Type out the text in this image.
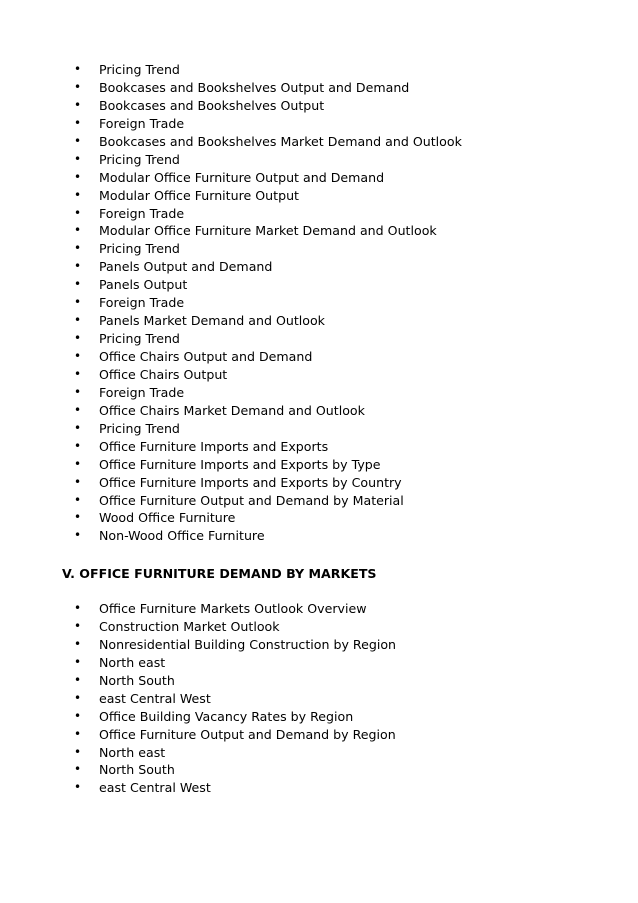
• Pricing Trend
• Bookcases and Bookshelves Output and Demand
• Bookcases and Bookshelves Output
• Foreign Trade
• Bookcases and Bookshelves Market Demand and Outlook
• Pricing Trend
• Modular Office Furniture Output and Demand
• Modular Office Furniture Output
• Foreign Trade
• Modular Office Furniture Market Demand and Outlook
• Pricing Trend
• Panels Output and Demand
• Panels Output
• Foreign Trade
• Panels Market Demand and Outlook
• Pricing Trend
• Office Chairs Output and Demand
• Office Chairs Output
• Foreign Trade
• Office Chairs Market Demand and Outlook
• Pricing Trend
• Office Furniture Imports and Exports
• Office Furniture Imports and Exports by Type
• Office Furniture Imports and Exports by Country
• Office Furniture Output and Demand by Material
• Wood Office Furniture
• Non-Wood Office Furniture
V. OFFICE FURNITURE DEMAND BY MARKETS
• Office Furniture Markets Outlook Overview
• Construction Market Outlook
• Nonresidential Building Construction by Region
• North east
• North South
• east Central West
• Office Building Vacancy Rates by Region
• Office Furniture Output and Demand by Region
• North east
• North South
• east Central West
